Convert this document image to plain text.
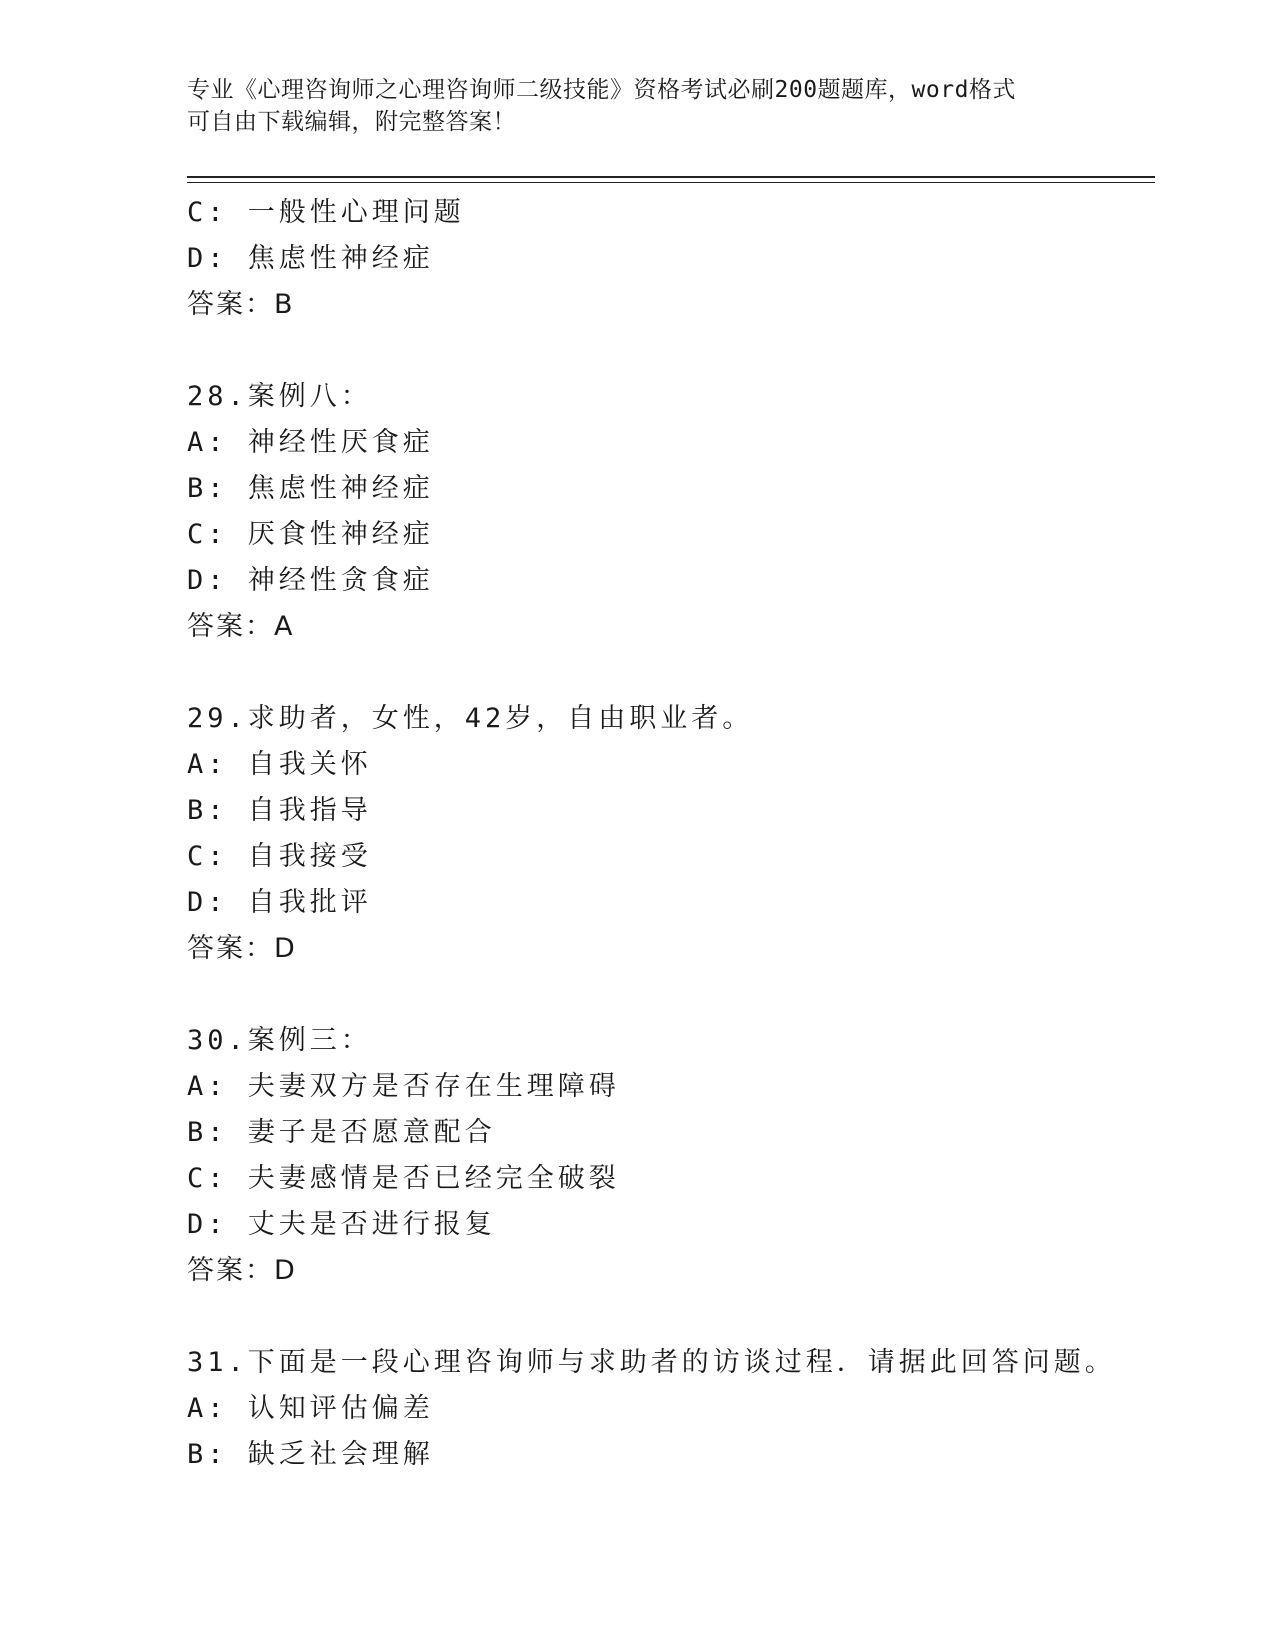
专业《心理咨询师之心理咨询师二级技能》资格考试必刷200题题库，word格式
可自由下载编辑，附完整答案！
C: 一般性心理问题
D: 焦虑性神经症
答案：B
28.案例八：
A: 神经性厌食症
B: 焦虑性神经症
C: 厌食性神经症
D: 神经性贪食症
答案：A
29.求助者，女性，42岁，自由职业者。
A: 自我关怀
B: 自我指导
C: 自我接受
D: 自我批评
答案：D
30.案例三：
A: 夫妻双方是否存在生理障碍
B: 妻子是否愿意配合
C: 夫妻感情是否已经完全破裂
D: 丈夫是否进行报复
答案：D
31.下面是一段心理咨询师与求助者的访谈过程．请据此回答问题。
A: 认知评估偏差
B: 缺乏社会理解
